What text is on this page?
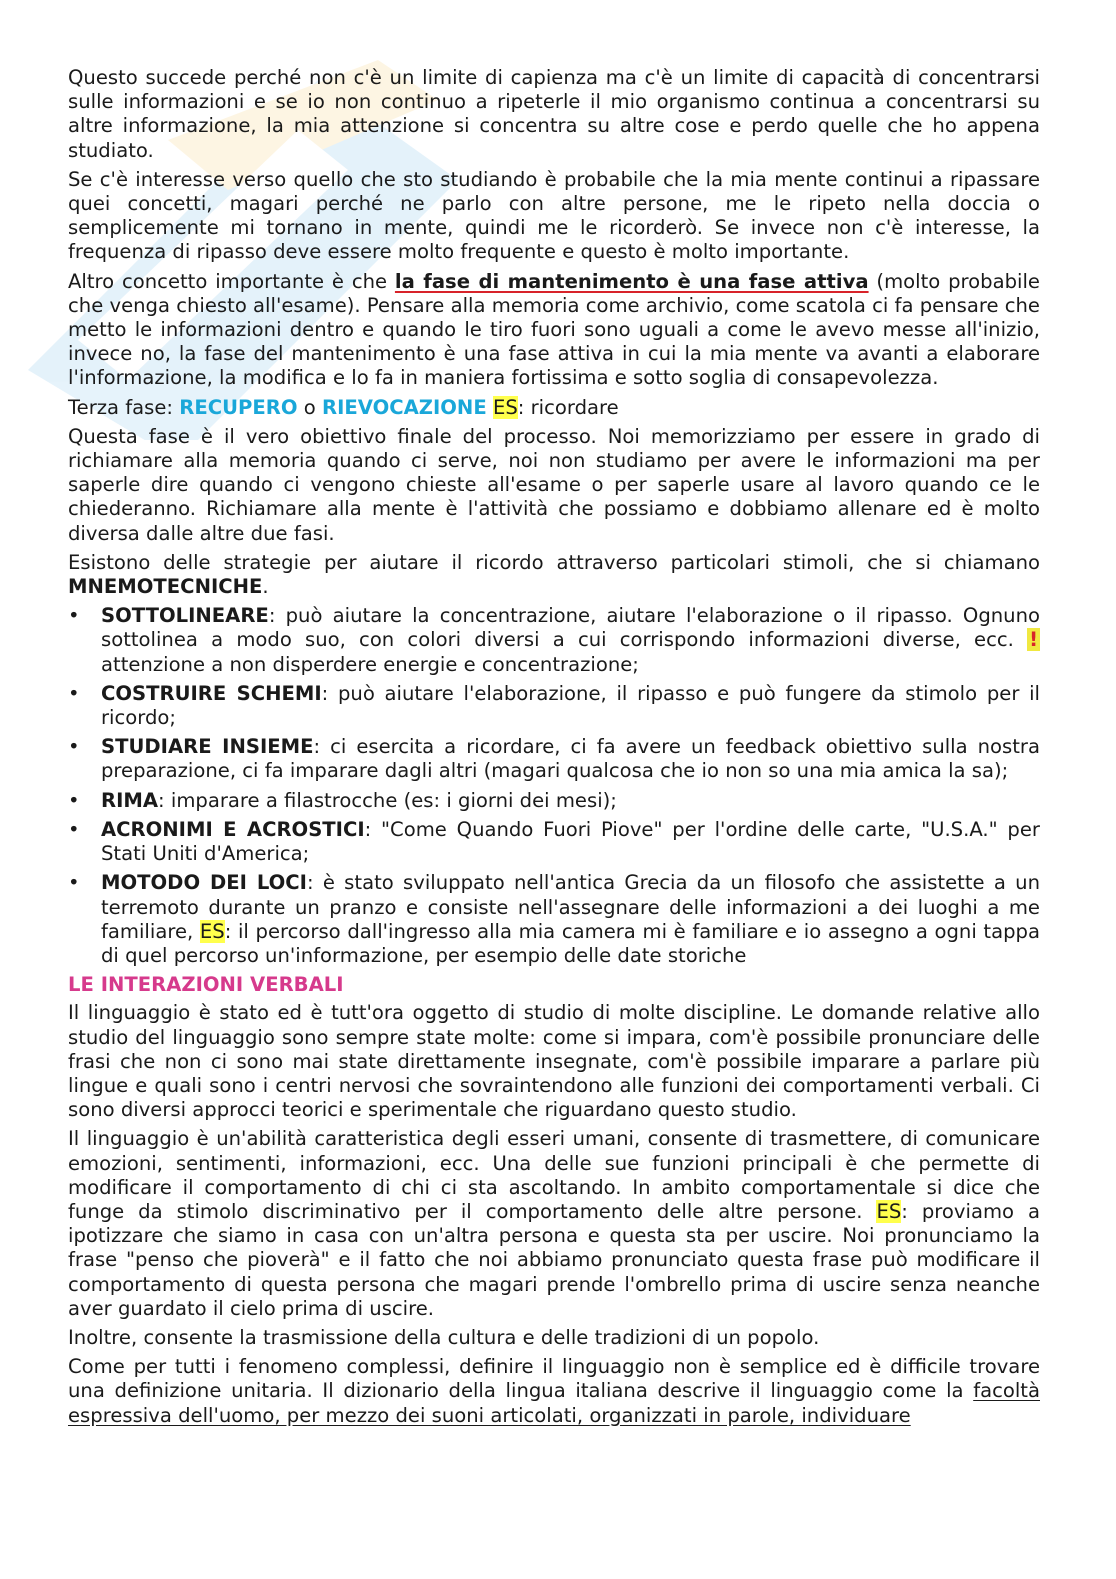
Questo succede perché non c'è un limite di capienza ma c'è un limite di capacità di concentrarsi sulle informazioni e se io non continuo a ripeterle il mio organismo continua a concentrarsi su altre informazione, la mia attenzione si concentra su altre cose e perdo quelle che ho appena studiato.

Se c'è interesse verso quello che sto studiando è probabile che la mia mente continui a ripassare quei concetti, magari perché ne parlo con altre persone, me le ripeto nella doccia o semplicemente mi tornano in mente, quindi me le ricorderò. Se invece non c'è interesse, la frequenza di ripasso deve essere molto frequente e questo è molto importante.

Altro concetto importante è che la fase di mantenimento è una fase attiva (molto probabile che venga chiesto all'esame). Pensare alla memoria come archivio, come scatola ci fa pensare che metto le informazioni dentro e quando le tiro fuori sono uguali a come le avevo messe all'inizio, invece no, la fase del mantenimento è una fase attiva in cui la mia mente va avanti a elaborare l'informazione, la modifica e lo fa in maniera fortissima e sotto soglia di consapevolezza.

Terza fase: RECUPERO o RIEVOCAZIONE ES: ricordare

Questa fase è il vero obiettivo finale del processo. Noi memorizziamo per essere in grado di richiamare alla memoria quando ci serve, noi non studiamo per avere le informazioni ma per saperle dire quando ci vengono chieste all'esame o per saperle usare al lavoro quando ce le chiederanno. Richiamare alla mente è l'attività che possiamo e dobbiamo allenare ed è molto diversa dalle altre due fasi.

Esistono delle strategie per aiutare il ricordo attraverso particolari stimoli, che si chiamano MNEMOTECNICHE.

• SOTTOLINEARE: può aiutare la concentrazione, aiutare l'elaborazione o il ripasso. Ognuno sottolinea a modo suo, con colori diversi a cui corrispondo informazioni diverse, ecc. ! attenzione a non disperdere energie e concentrazione;
• COSTRUIRE SCHEMI: può aiutare l'elaborazione, il ripasso e può fungere da stimolo per il ricordo;
• STUDIARE INSIEME: ci esercita a ricordare, ci fa avere un feedback obiettivo sulla nostra preparazione, ci fa imparare dagli altri (magari qualcosa che io non so una mia amica la sa);
• RIMA: imparare a filastrocche (es: i giorni dei mesi);
• ACRONIMI E ACROSTICI: "Come Quando Fuori Piove" per l'ordine delle carte, "U.S.A." per Stati Uniti d'America;
• MOTODO DEI LOCI: è stato sviluppato nell'antica Grecia da un filosofo che assistette a un terremoto durante un pranzo e consiste nell'assegnare delle informazioni a dei luoghi a me familiare, ES: il percorso dall'ingresso alla mia camera mi è familiare e io assegno a ogni tappa di quel percorso un'informazione, per esempio delle date storiche

LE INTERAZIONI VERBALI

Il linguaggio è stato ed è tutt'ora oggetto di studio di molte discipline. Le domande relative allo studio del linguaggio sono sempre state molte: come si impara, com'è possibile pronunciare delle frasi che non ci sono mai state direttamente insegnate, com'è possibile imparare a parlare più lingue e quali sono i centri nervosi che sovraintendono alle funzioni dei comportamenti verbali. Ci sono diversi approcci teorici e sperimentale che riguardano questo studio.

Il linguaggio è un'abilità caratteristica degli esseri umani, consente di trasmettere, di comunicare emozioni, sentimenti, informazioni, ecc. Una delle sue funzioni principali è che permette di modificare il comportamento di chi ci sta ascoltando. In ambito comportamentale si dice che funge da stimolo discriminativo per il comportamento delle altre persone. ES: proviamo a ipotizzare che siamo in casa con un'altra persona e questa sta per uscire. Noi pronunciamo la frase "penso che pioverà" e il fatto che noi abbiamo pronunciato questa frase può modificare il comportamento di questa persona che magari prende l'ombrello prima di uscire senza neanche aver guardato il cielo prima di uscire.

Inoltre, consente la trasmissione della cultura e delle tradizioni di un popolo.

Come per tutti i fenomeno complessi, definire il linguaggio non è semplice ed è difficile trovare una definizione unitaria. Il dizionario della lingua italiana descrive il linguaggio come la facoltà espressiva dell'uomo, per mezzo dei suoni articolati, organizzati in parole, individuare
